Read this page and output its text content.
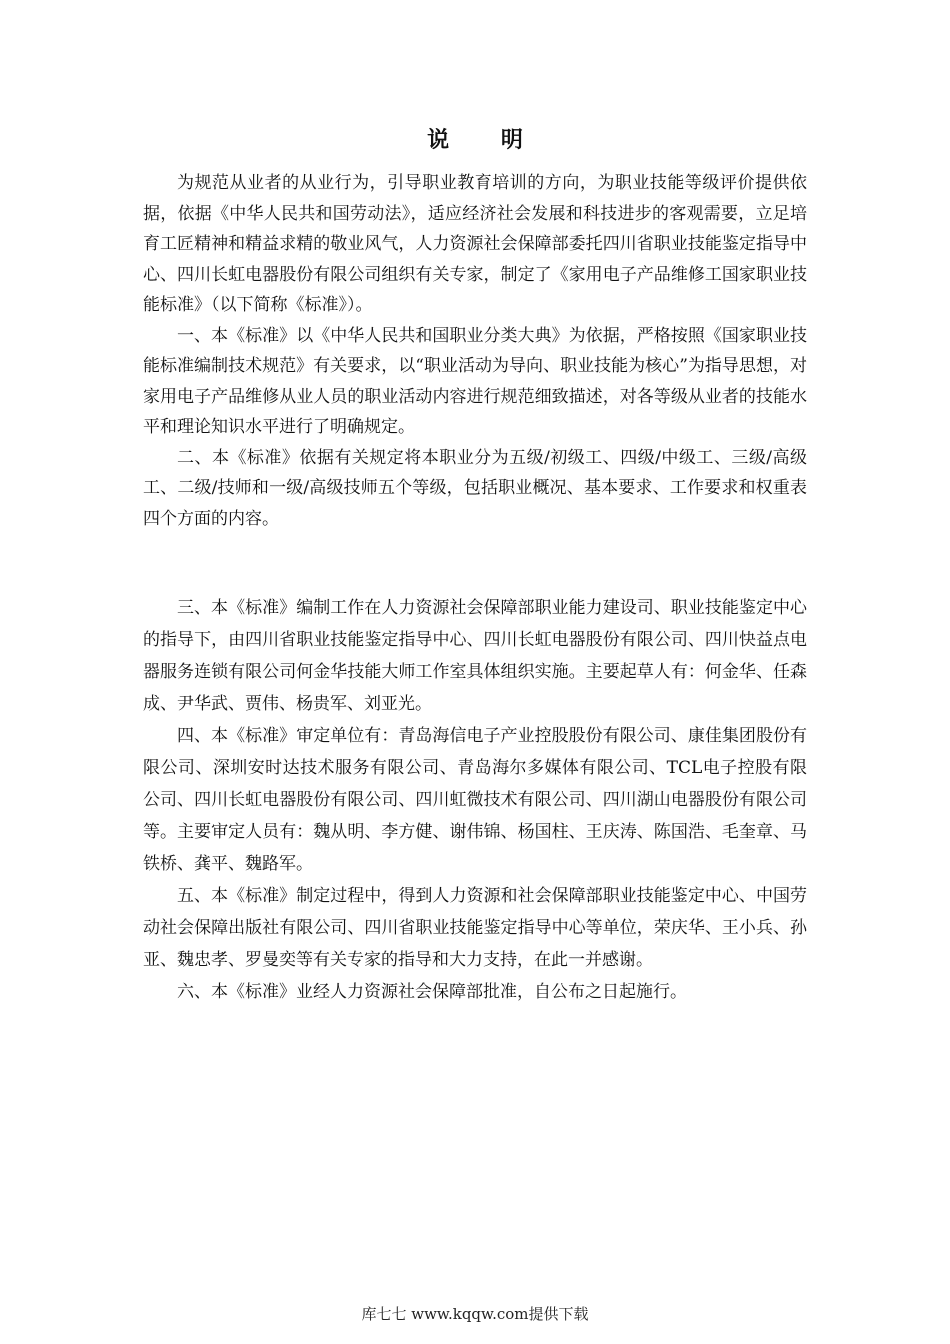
说 明

为规范从业者的从业行为，引导职业教育培训的方向，为职业技能等级评价提供依据，依据《中华人民共和国劳动法》，适应经济社会发展和科技进步的客观需要，立足培育工匠精神和精益求精的敬业风气，人力资源社会保障部委托四川省职业技能鉴定指导中心、四川长虹电器股份有限公司组织有关专家，制定了《家用电子产品维修工国家职业技能标准》（以下简称《标准》）。

一、本《标准》以《中华人民共和国职业分类大典》为依据，严格按照《国家职业技能标准编制技术规范》有关要求，以“职业活动为导向、职业技能为核心”为指导思想，对家用电子产品维修从业人员的职业活动内容进行规范细致描述，对各等级从业者的技能水平和理论知识水平进行了明确规定。

二、本《标准》依据有关规定将本职业分为五级/初级工、四级/中级工、三级/高级工、二级/技师和一级/高级技师五个等级，包括职业概况、基本要求、工作要求和权重表四个方面的内容。

三、本《标准》编制工作在人力资源社会保障部职业能力建设司、职业技能鉴定中心的指导下，由四川省职业技能鉴定指导中心、四川长虹电器股份有限公司、四川快益点电器服务连锁有限公司何金华技能大师工作室具体组织实施。主要起草人有：何金华、任森成、尹华武、贾伟、杨贵军、刘亚光。

四、本《标准》审定单位有：青岛海信电子产业控股股份有限公司、康佳集团股份有限公司、深圳安时达技术服务有限公司、青岛海尔多媒体有限公司、TCL电子控股有限公司、四川长虹电器股份有限公司、四川虹微技术有限公司、四川湖山电器股份有限公司等。主要审定人员有：魏从明、李方健、谢伟锦、杨国柱、王庆涛、陈国浩、毛奎章、马铁桥、龚平、魏路军。

五、本《标准》制定过程中，得到人力资源和社会保障部职业技能鉴定中心、中国劳动社会保障出版社有限公司、四川省职业技能鉴定指导中心等单位，荣庆华、王小兵、孙亚、魏忠孝、罗曼奕等有关专家的指导和大力支持，在此一并感谢。

六、本《标准》业经人力资源社会保障部批准，自公布之日起施行。

库七七 www.kqqw.com提供下载
